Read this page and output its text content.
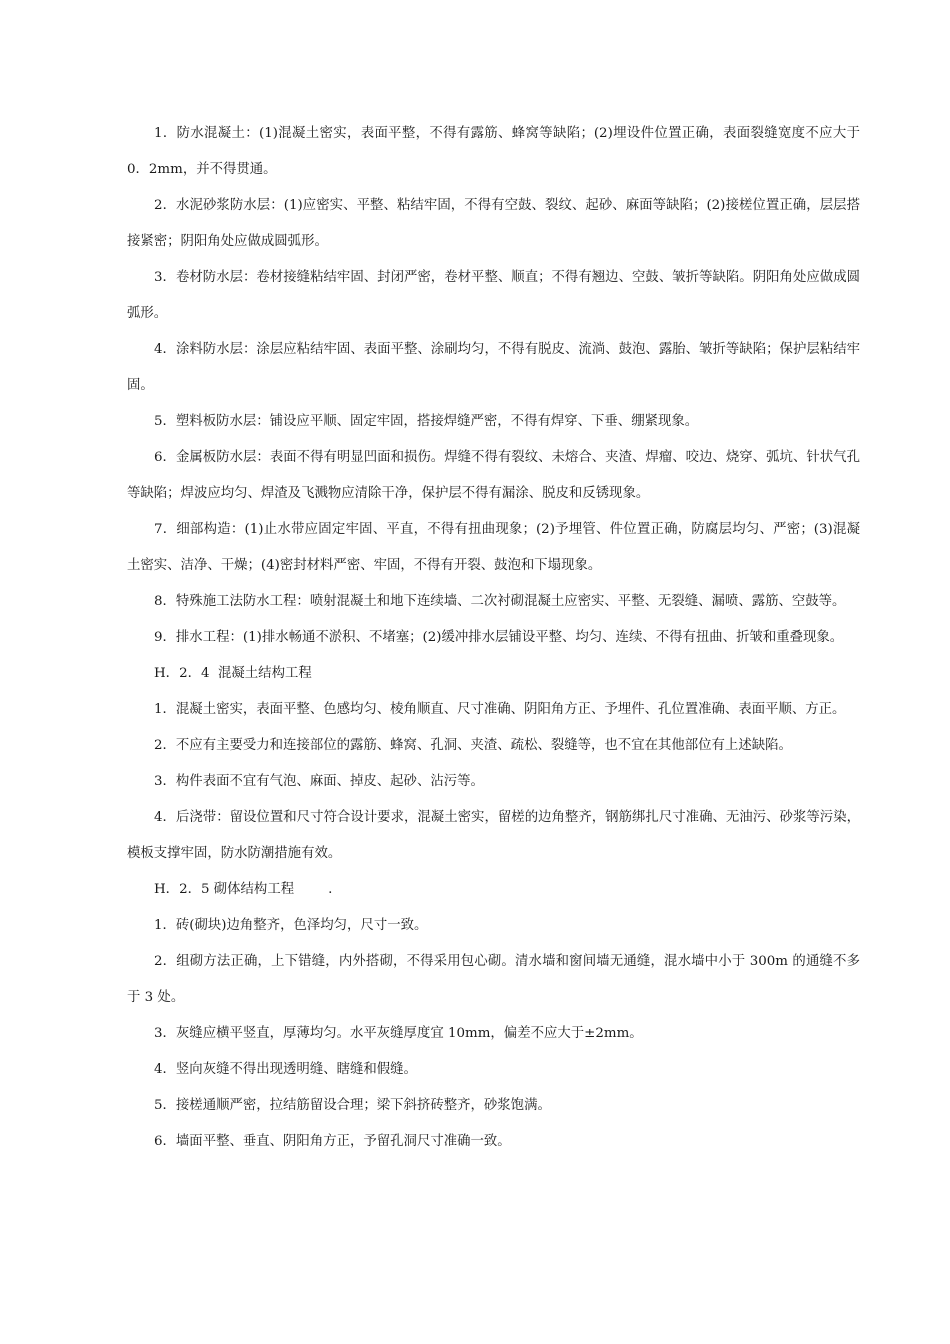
1．防水混凝土：(1)混凝土密实，表面平整，不得有露筋、蜂窝等缺陷；(2)埋设件位置正确，表面裂缝宽度不应大于0．2mm，并不得贯通。

2．水泥砂浆防水层：(1)应密实、平整、粘结牢固，不得有空鼓、裂纹、起砂、麻面等缺陷；(2)接槎位置正确，层层搭接紧密；阴阳角处应做成圆弧形。

3．卷材防水层：卷材接缝粘结牢固、封闭严密，卷材平整、顺直；不得有翘边、空鼓、皱折等缺陷。阴阳角处应做成圆弧形。

4．涂料防水层：涂层应粘结牢固、表面平整、涂刷均匀，不得有脱皮、流淌、鼓泡、露胎、皱折等缺陷；保护层粘结牢固。

5．塑料板防水层：铺设应平顺、固定牢固，搭接焊缝严密，不得有焊穿、下垂、绷紧现象。

6．金属板防水层：表面不得有明显凹面和损伤。焊缝不得有裂纹、未熔合、夹渣、焊瘤、咬边、烧穿、弧坑、针状气孔等缺陷；焊波应均匀、焊渣及飞溅物应清除干净，保护层不得有漏涂、脱皮和反锈现象。

7．细部构造：(1)止水带应固定牢固、平直，不得有扭曲现象；(2)予埋管、件位置正确，防腐层均匀、严密；(3)混凝土密实、洁净、干燥；(4)密封材料严密、牢固，不得有开裂、鼓泡和下塌现象。

8．特殊施工法防水工程：喷射混凝土和地下连续墙、二次衬砌混凝土应密实、平整、无裂缝、漏喷、露筋、空鼓等。

9．排水工程：(1)排水畅通不淤积、不堵塞；(2)缓冲排水层铺设平整、均匀、连续、不得有扭曲、折皱和重叠现象。

H．2．4  混凝土结构工程

1．混凝土密实，表面平整、色感均匀、棱角顺直、尺寸准确、阴阳角方正、予埋件、孔位置准确、表面平顺、方正。

2．不应有主要受力和连接部位的露筋、蜂窝、孔洞、夹渣、疏松、裂缝等，也不宜在其他部位有上述缺陷。

3．构件表面不宜有气泡、麻面、掉皮、起砂、沾污等。

4．后浇带：留设位置和尺寸符合设计要求，混凝土密实，留槎的边角整齐，钢筋绑扎尺寸准确、无油污、砂浆等污染，模板支撑牢固，防水防潮措施有效。

H．2．5 砌体结构工程        .

1．砖(砌块)边角整齐，色泽均匀，尺寸一致。

2．组砌方法正确，上下错缝，内外搭砌，不得采用包心砌。清水墙和窗间墙无通缝，混水墙中小于 300m 的通缝不多于 3 处。

3．灰缝应横平竖直，厚薄均匀。水平灰缝厚度宜 10mm，偏差不应大于±2mm。

4．竖向灰缝不得出现透明缝、瞎缝和假缝。

5．接槎通顺严密，拉结筋留设合理；梁下斜挤砖整齐，砂浆饱满。

6．墙面平整、垂直、阴阳角方正，予留孔洞尺寸准确一致。
